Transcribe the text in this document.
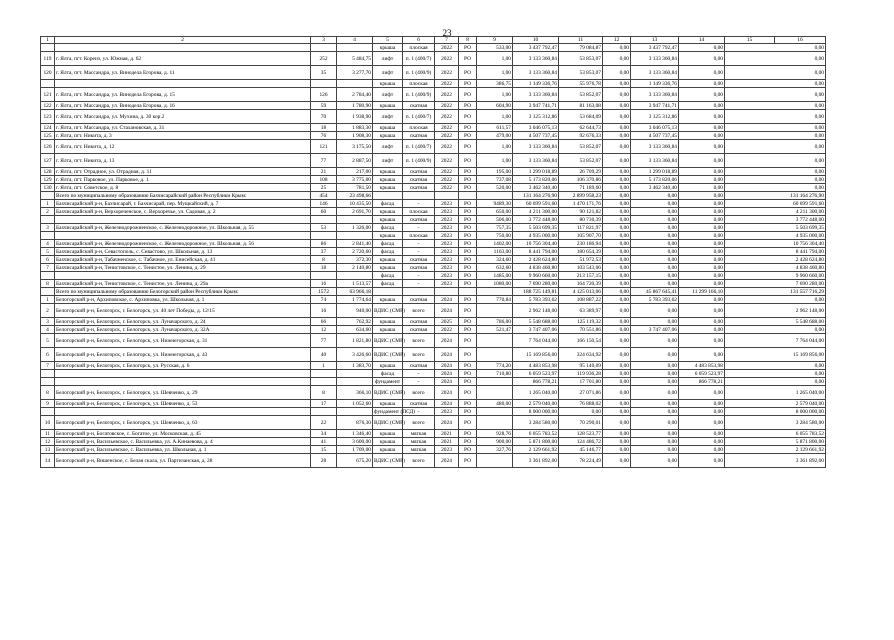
23
1	2	3	4	5	6	7	8	9	10	11	12	13	14	15	16
				крыша	плоская	2022	РО	533,00	3 437 792,47	79 084,87	0,00	3 437 792,47	0,00	0,00	
119	г. Ялта, пгт. Кореиз, ул. Южная, д. 62	252	5 484,75	лифт	п. 1 (400/7)	2022	РО	1,00	3 133 360,84	53 853,07	0,00	3 133 360,84	0,00	0,00	
120	г. Ялта, пгт. Массандра, ул. Винодела Егорова, д. 11	35	3 277,70	лифт	п. 1 (400/9)	2022	РО	1,00	3 133 360,84	53 853,07	0,00	3 133 360,84	0,00	0,00	
				крыша	плоская	2022	РО	386,75	1 149 336,76	55 976,78	0,00	1 149 336,76	0,00	0,00	
121	г. Ялта, пгт. Массандра, ул. Винодела Егорова, д. 15	126	2 784,40	лифт	п. 1 (400/9)	2022	РО	1,00	3 133 360,84	53 852,07	0,00	3 133 360,84	0,00	0,00	
122	г. Ялта, пгт. Массандра, ул. Винодела Егорова, д. 16	59	1 780,90	крыша	скатная	2022	РО	604,90	3 947 741,71	81 163,08	0,00	3 947 741,71	0,00	0,00	
123	г. Ялта, пгт. Массандра, ул. Мухина, д. 30 кор.2	70	1 938,90	лифт	п. 1 (400/7)	2022	РО	1,00	3 125 312,86	53 684,09	0,00	3 125 312,86	0,00	0,00	
124	г. Ялта, пгт. Массандра, ул. Стахановская, д. 31	18	1 883,30	крыша	плоская	2022	РО	611,57	3 046 075,13	62 644,73	0,00	3 046 075,13	0,00	0,00	
125	г. Ялта, пгт. Никита, д. 3	76	1 908,30	крыша	скатная	2022	РО	479,00	4 507 737,45	92 676,33	0,00	4 507 737,45	0,00	0,00	
126	г. Ялта, пгт. Никита, д. 12	121	3 175,50	лифт	п. 1 (400/7)	2022	РО	1,00	3 133 360,84	53 852,07	0,00	3 133 360,84	0,00	0,00	
127	г. Ялта, пгт. Никита, д. 13	77	2 887,50	лифт	п. 1 (400/9)	2022	РО	1,00	3 133 360,84	53 852,07	0,00	3 133 360,84	0,00	0,00	
128	г. Ялта, пгт. Отрадное, ул. Отрадная, д. 11	21	217,00	крыша	скатная	2022	РО	195,00	1 299 018,89	26 709,29	0,00	1 299 018,89	0,00	0,00	
129	г. Ялта, пгт. Парковое, ул. Парковое, д. 1	108	3 775,00	крыша	скатная	2022	РО	737,08	5 173 820,06	106 370,86	0,00	5 173 820,06	0,00	0,00	
130	г. Ялта, пгт. Советское, д. 8	25	781,50	крыша	скатная	2022	РО	520,00	3 462 340,40	71 189,60	0,00	3 462 340,40	0,00	0,00	
	Всего по муниципальному образованию Бахчисарайский район Республики Крым:	454	23 498,66						131 164 276,90	2 899 958,23	0,00	0,00	0,00	131 164 276,90	
1	Бахчисарайский р-н, Бахчисарай, г. Бахчисарай, пер. Мущкайский, д. 7	146	10 435,50	фасад	-	2023	РО	9489,30	60 699 591,60	1 470 171,76	0,00	0,00	0,00	60 699 591,60	
2	Бахчисарайский р-н, Верхореченское, с. Верхоречье, ул. Садовая, д. 2	60	2 691,70	крыша	плоская	2023	РО	650,00	4 211 300,00	90 121,82	0,00	0,00	0,00	4 211 300,00	
				крыша	скатная	2023	РО	506,00	3 772 448,00	80 730,39	0,00	0,00	0,00	3 772 448,00	
3	Бахчисарайский р-н, Железнодорожненское, с. Железнодорожное, ул. Школьная, д. 55	53	1 326,00	фасад	-	2023	РО	757,35	5 503 699,35	117 821,97	0,00	0,00	0,00	5 503 699,35	
				крыша	плоская	2023	РО	750,00	4 935 000,00	105 907,70	0,00	0,00	0,00	4 935 000,00	
4	Бахчисарайский р-н, Железнодорожненское, с. Железнодорожное, ул. Школьная, д. 56	86	2 841,40	фасад	-	2023	РО	1402,00	10 756 304,40	230 186,94	0,00	0,00	0,00	10 756 304,40	
5	Бахчисарайский р-н, Севастополь, с. Севастово, ул. Школьная, д. 13	37	2 720,60	фасад	-	2023	РО	1163,00	8 441 794,00	180 654,39	0,00	0,00	0,00	8 441 794,00	
6	Бахчисарайский р-н, Табачненское, с. Табачное, ул. Енисейская, д. 41	8	372,30	крыша	скатная	2023	РО	324,60	2 428 624,80	51 972,53	0,00	0,00	0,00	2 428 624,80	
7	Бахчисарайский р-н, Тенистовское, с. Тенистое, ул. Ленина, д. 29	18	2 140,80	крыша	скатная	2023	РО	632,60	4 838 460,80	103 543,06	0,00	0,00	0,00	4 838 460,80	
				фасад	-	2023	РО	1485,00	9 960 660,00	213 157,15	0,00	0,00	0,00	9 960 660,00	
8	Бахчисарайский р-н, Тенистовское, с. Тенистое, ул. Ленина, д. 29а	16	1 513,57	фасад	-	2023	РО	1080,00	7 690 280,00	164 720,39	0,00	0,00	0,00	7 690 280,00	
	Всего по муниципальному образованию Белогорский район Республики Крым:	1572	63 966,18						188 725 149,81	4 125 013,06	0,00	45 867 645,41	11 299 166,10	131 557 716,29	
1	Белогорский р-н, Архиповское, с. Архиповка, ул. Школьная, д. 1	74	1 774,64	крыша	скатная	2024	РО	770,84	5 783 393,62	108 887,22	0,00	5 783 393,62	0,00	0,00	
2	Белогорский р-н, Белогорск, г. Белогорск, ул. 40 лет Победы, д. 12/15	16	940,00	ВДИС (СМР)	всего	2024	РО		2 962 148,00	63 389,97	0,00	0,00	0,00	2 962 148,00	
3	Белогорский р-н, Белогорск, г. Белогорск, ул. Луначарского, д. 24	66	762,92	крыша	скатная	2025	РО	786,00	5 548 688,00	125 119,32	0,00	0,00	0,00	5 548 688,00	
4	Белогорский р-н, Белогорск, г. Белогорск, ул. Луначарского, д. 32А	12	634,60	крыша	скатная	2022	РО	521,47	3 747 407,06	70 551,86	0,00	3 747 407,06	0,00	0,00	
5	Белогорский р-н, Белогорск, г. Белогорск, ул. Нижнегорская, д. 31	77	1 821,80	ВДИС (СМР)	всего	2024	РО		7 764 044,00	166 150,54	0,00	0,00	0,00	7 764 044,00	
6	Белогорский р-н, Белогорск, г. Белогорск, ул. Нижнегорская, д. 43	40	3 426,60	ВДИС (СМР)	всего	2024	РО		15 169 856,00	324 634,92	0,00	0,00	0,00	15 169 856,00	
7	Белогорский р-н, Белогорск, г. Белогорск, ул. Русская, д. 6	1	1 383,70	крыша	скатная	2024	РО	774,20	4 483 853,98	95 140,09	0,00	0,00	4 483 853,98	0,00	
				фасад	-	2024	РО	710,80	6 059 523,97	119 936,28	0,00	0,00	6 059 523,97	0,00	
				фундамент	-	2024	РО		866 778,21	17 701,80	0,00	0,00	866 778,21	0,00	
8	Белогорский р-н, Белогорск, г. Белогорск, ул. Шевченко, д. 29	8	366,10	ВДИС (СМР)	всего	2024	РО		1 265 040,00	27 071,86	0,00	0,00	0,00	1 265 040,00	
9	Белогорский р-н, Белогорск, г. Белогорск, ул. Шевченко, д. 53	17	1 052,60	крыша	скатная	2024	РО	480,00	2 579 040,00	76 888,02	0,00	0,00	0,00	2 579 040,00	
				фундамент (ПСД)	-	2023	РО		8 000 000,00	0,00	0,00	0,00	0,00	8 000 000,00	
10	Белогорский р-н, Белогорск, г. Белогорск, ул. Шевченко, д. 63	22	876,30	ВДИС (СМР)	всего	2024	РО		3 284 580,00	70 290,01	0,00	0,00	0,00	3 284 580,00	
11	Белогорский р-н, Богатовское, с. Богатое, ул. Московская, д. 45	34	1 346,40	крыша	мягкая	2021	РО	928,76	6 055 783,52	128 523,77	0,00	0,00	0,00	6 055 783,52	
12	Белогорский р-н, Васильевское, с. Васильевка, ул. А.Кинаевова, д. 4	41	3 600,00	крыша	мягкая	2021	РО	900,00	5 871 800,00	124 486,72	0,00	0,00	0,00	5 871 800,00	
13	Белогорский р-н, Васильевское, с. Васильевка, ул. Школьная, д. 1	15	1 709,00	крыша	мягкая	2023	РО	327,76	2 129 661,92	45 146,77	0,00	0,00	0,00	2 129 661,92	
14	Белогорский р-н, Вишенское, с. Белая скала, ул. Партизанская, д. 28	28	675,20	ВДИС (СМР)	всего	2024	РО		3 361 892,00	78 224,49	0,00	0,00	0,00	3 361 892,00	
